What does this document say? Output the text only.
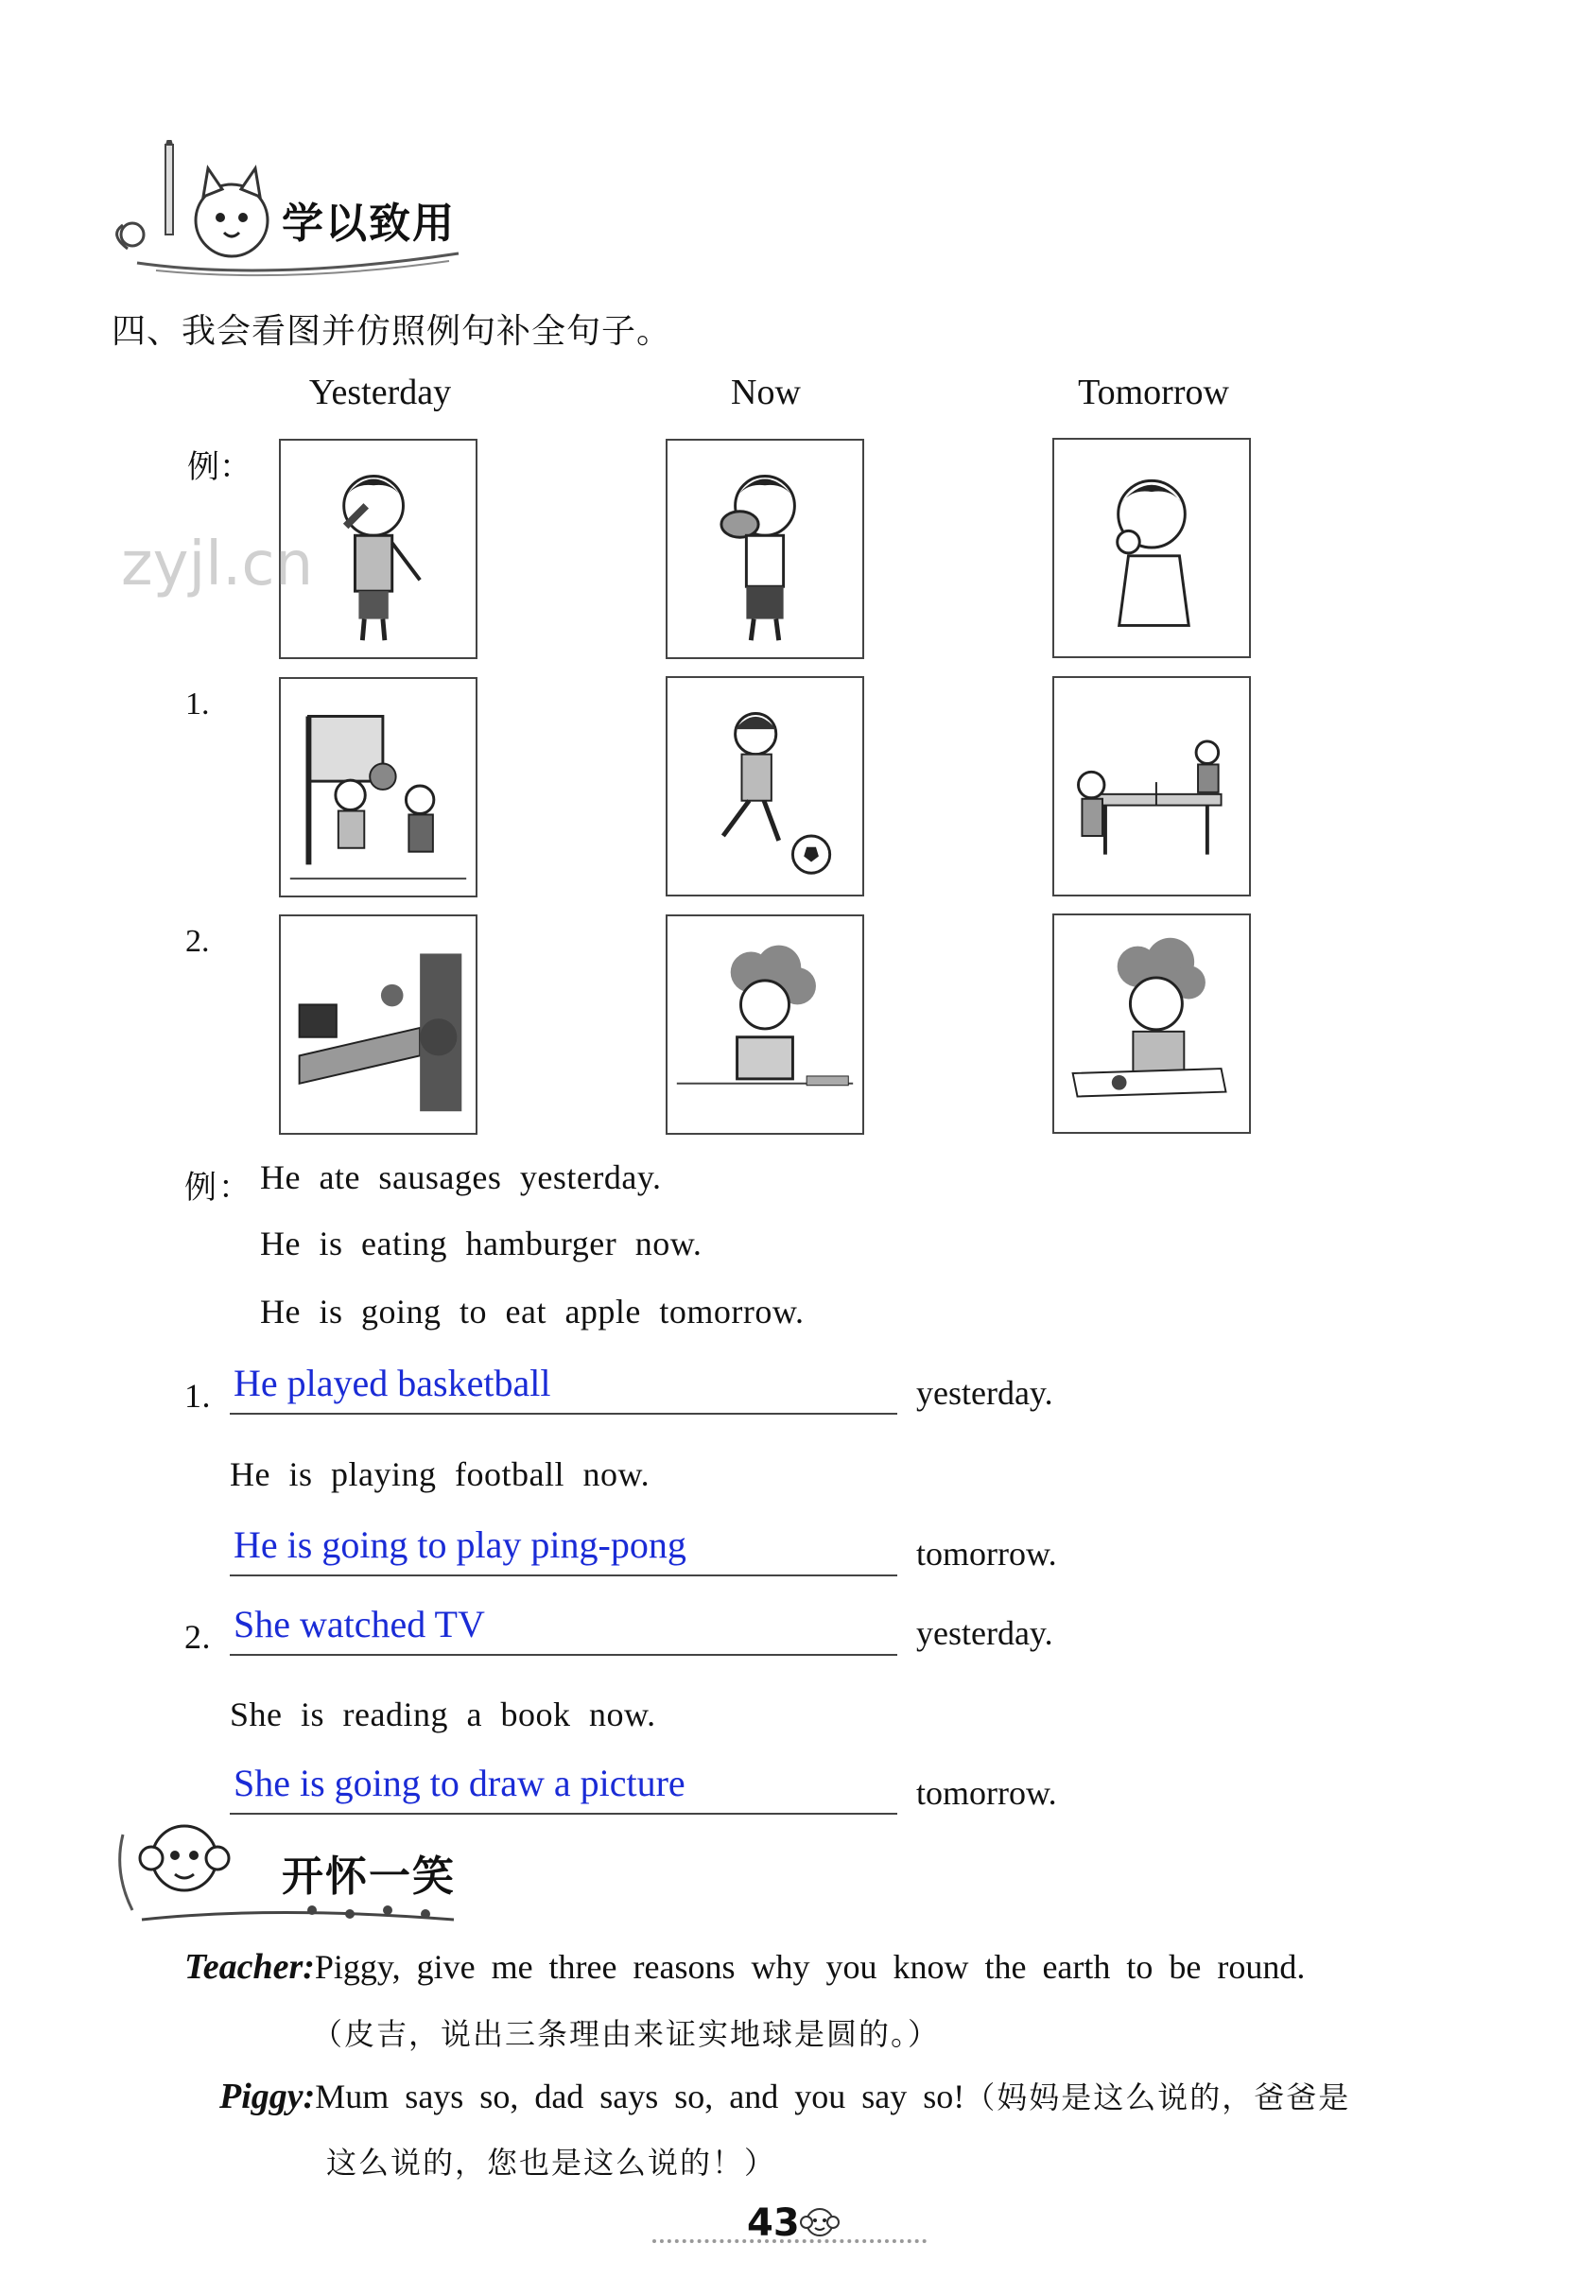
学以致用
四、我会看图并仿照例句补全句子。
Yesterday	Now	Tomorrow
例：
1.
2.
zyjl.cn
例： He ate sausages yesterday.
He is eating hamburger now.
He is going to eat apple tomorrow.
1. He played basketball	yesterday.
He is playing football now.
He is going to play ping-pong	tomorrow.
2. She watched TV	yesterday.
She is reading a book now.
She is going to draw a picture	tomorrow.
开怀一笑
Teacher:Piggy, give me three reasons why you know the earth to be round.
（皮吉，说出三条理由来证实地球是圆的。）
Piggy:Mum says so, dad says so, and you say so!（妈妈是这么说的，爸爸是
这么说的，您也是这么说的！）
43
